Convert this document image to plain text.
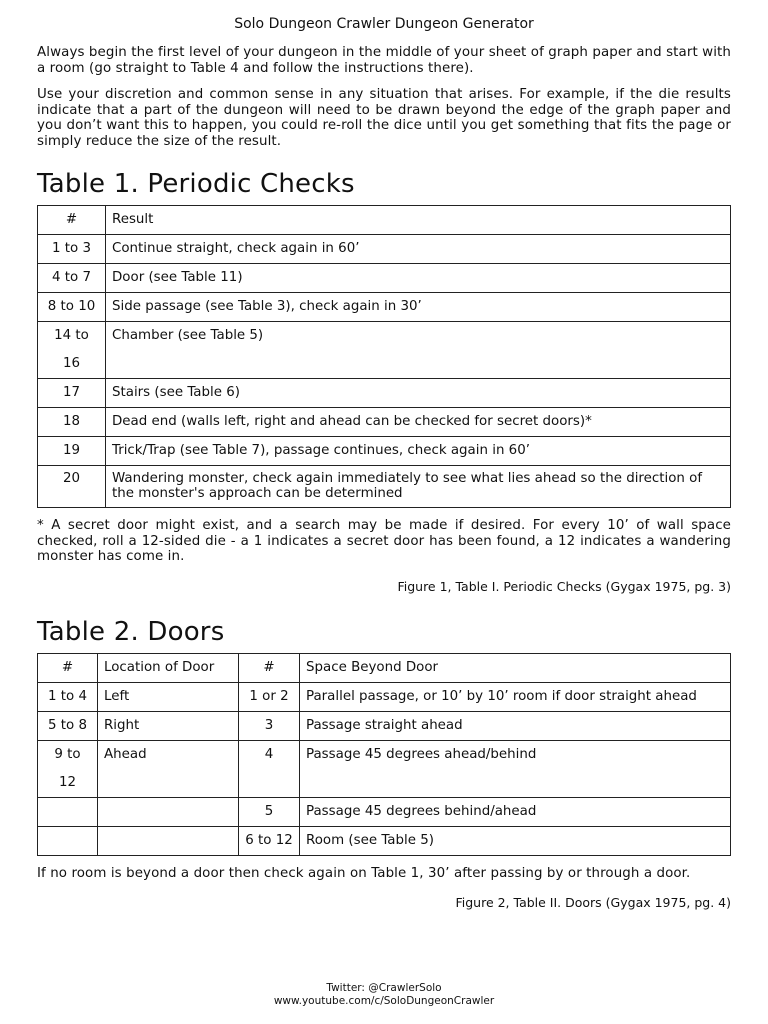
Solo Dungeon Crawler Dungeon Generator

Always begin the first level of your dungeon in the middle of your sheet of graph paper and start with a room (go straight to Table 4 and follow the instructions there).

Use your discretion and common sense in any situation that arises. For example, if the die results indicate that a part of the dungeon will need to be drawn beyond the edge of the graph paper and you don’t want this to happen, you could re-roll the dice until you get something that fits the page or simply reduce the size of the result.

Table 1. Periodic Checks
#	Result
1 to 3	Continue straight, check again in 60’
4 to 7	Door (see Table 11)
8 to 10	Side passage (see Table 3), check again in 30’
14 to 16	Chamber (see Table 5)
17	Stairs (see Table 6)
18	Dead end (walls left, right and ahead can be checked for secret doors)*
19	Trick/Trap (see Table 7), passage continues, check again in 60’
20	Wandering monster, check again immediately to see what lies ahead so the direction of the monster's approach can be determined

* A secret door might exist, and a search may be made if desired. For every 10’ of wall space checked, roll a 12-sided die - a 1 indicates a secret door has been found, a 12 indicates a wandering monster has come in.

Figure 1, Table I. Periodic Checks (Gygax 1975, pg. 3)
Table 2. Doors
#	Location of Door	#	Space Beyond Door
1 to 4	Left	1 or 2	Parallel passage, or 10’ by 10’ room if door straight ahead
5 to 8	Right	3	Passage straight ahead
9 to 12	Ahead	4	Passage 45 degrees ahead/behind
		5	Passage 45 degrees behind/ahead
		6 to 12	Room (see Table 5)

If no room is beyond a door then check again on Table 1, 30’ after passing by or through a door.

Figure 2, Table II. Doors (Gygax 1975, pg. 4)
Twitter: @CrawlerSolo
www.youtube.com/c/SoloDungeonCrawler
